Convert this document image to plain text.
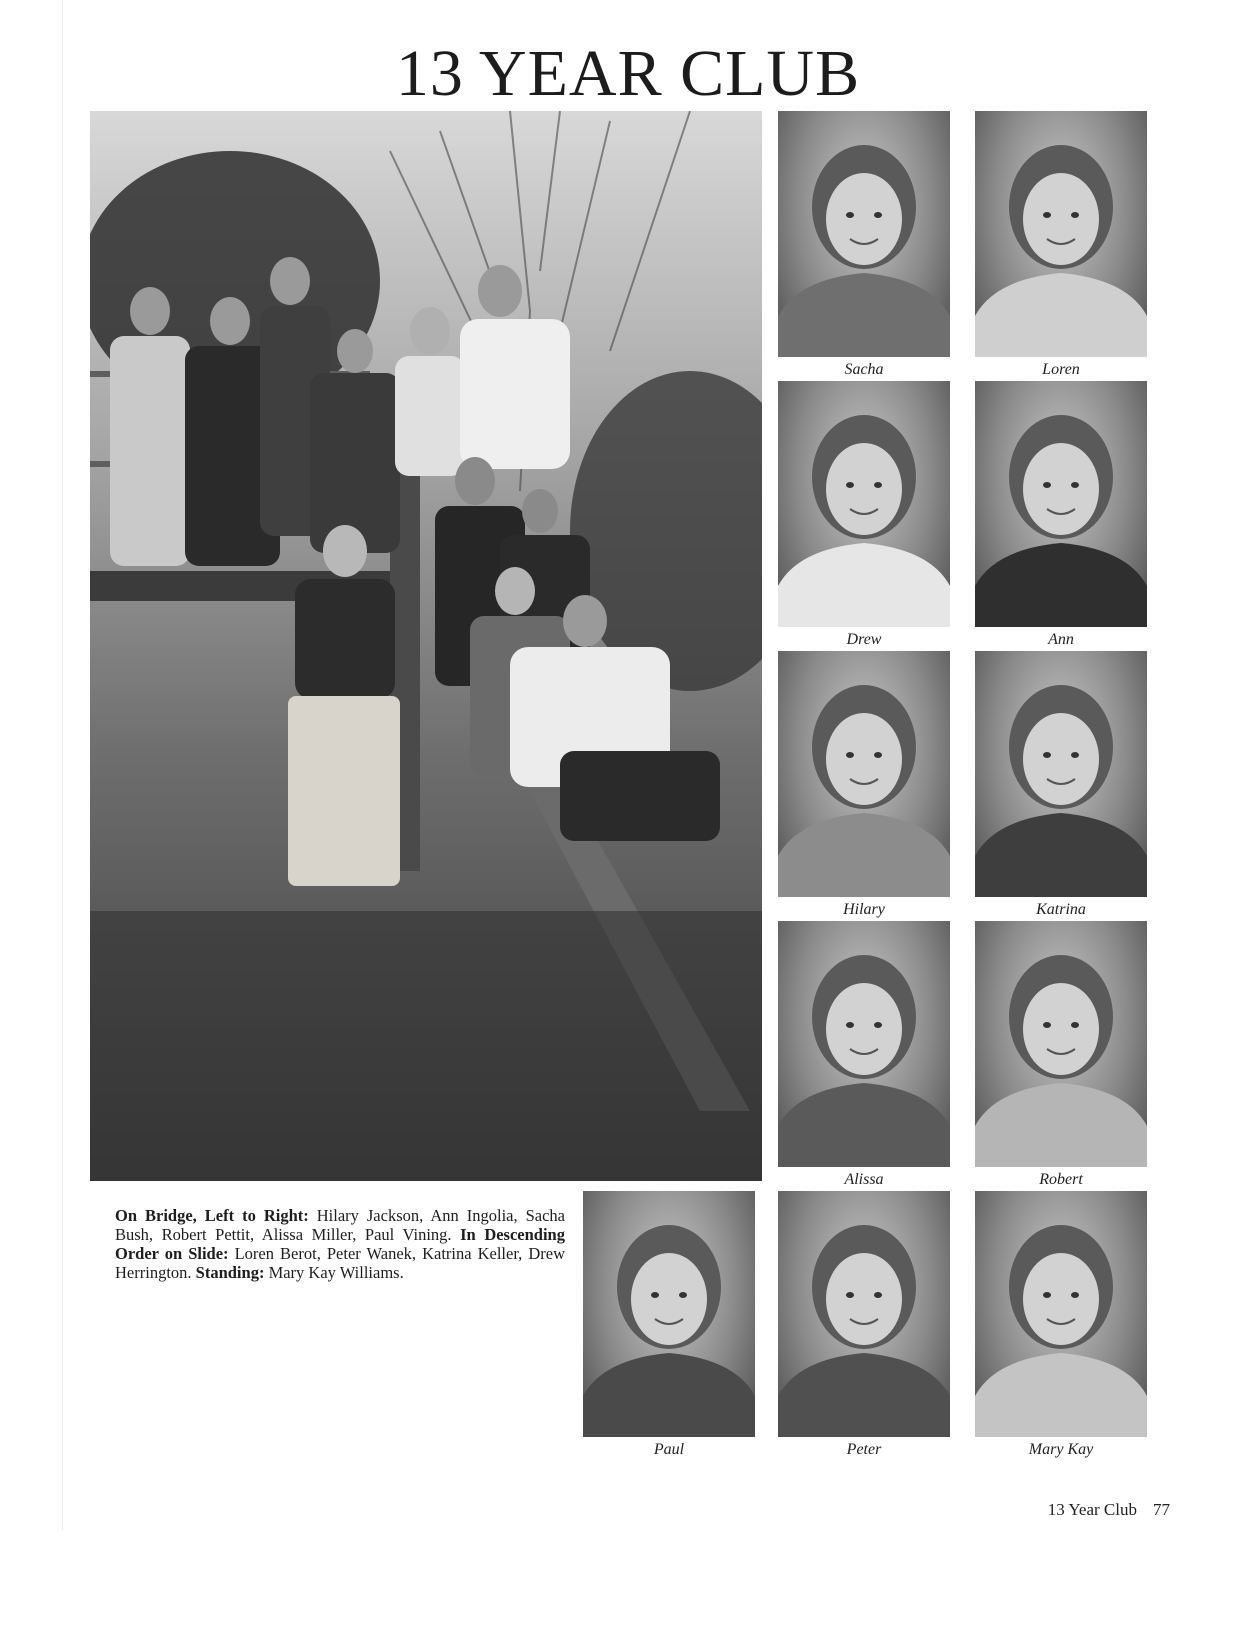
13 YEAR CLUB
Sacha	Loren
Drew	Ann
Hilary	Katrina
Alissa	Robert
Paul	Peter	Mary Kay
On Bridge, Left to Right: Hilary Jackson, Ann Ingolia, Sacha Bush, Robert Pettit, Alissa Miller, Paul Vining. In Descending Order on Slide: Loren Berot, Peter Wanek, Katrina Keller, Drew Herrington. Standing: Mary Kay Williams.
13 Year Club 77
